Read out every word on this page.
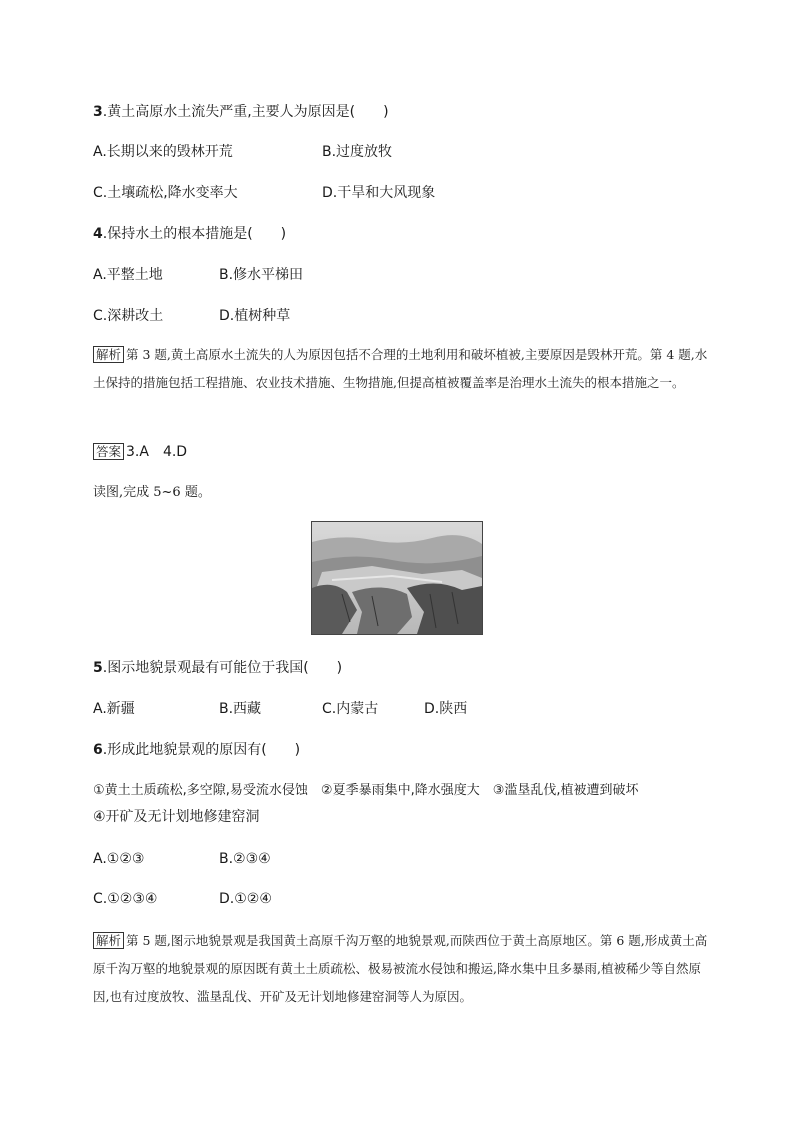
3.黄土高原水土流失严重,主要人为原因是(　　)
A.长期以来的毁林开荒	B.过度放牧
C.土壤疏松,降水变率大	D.干旱和大风现象
4.保持水土的根本措施是(　　)
A.平整土地	B.修水平梯田
C.深耕改土	D.植树种草
解析 第 3 题,黄土高原水土流失的人为原因包括不合理的土地利用和破坏植被,主要原因是毁林开荒。第 4 题,水土保持的措施包括工程措施、农业技术措施、生物措施,但提高植被覆盖率是治理水土流失的根本措施之一。
答案 3.A　4.D
读图,完成 5~6 题。
5.图示地貌景观最有可能位于我国(　　)
A.新疆	B.西藏	C.内蒙古	D.陕西
6.形成此地貌景观的原因有(　　)
①黄土土质疏松,多空隙,易受流水侵蚀　②夏季暴雨集中,降水强度大　③滥垦乱伐,植被遭到破坏
④开矿及无计划地修建窑洞
A.①②③	B.②③④
C.①②③④	D.①②④
解析 第 5 题,图示地貌景观是我国黄土高原千沟万壑的地貌景观,而陕西位于黄土高原地区。第 6 题,形成黄土高原千沟万壑的地貌景观的原因既有黄土土质疏松、极易被流水侵蚀和搬运,降水集中且多暴雨,植被稀少等自然原因,也有过度放牧、滥垦乱伐、开矿及无计划地修建窑洞等人为原因。
